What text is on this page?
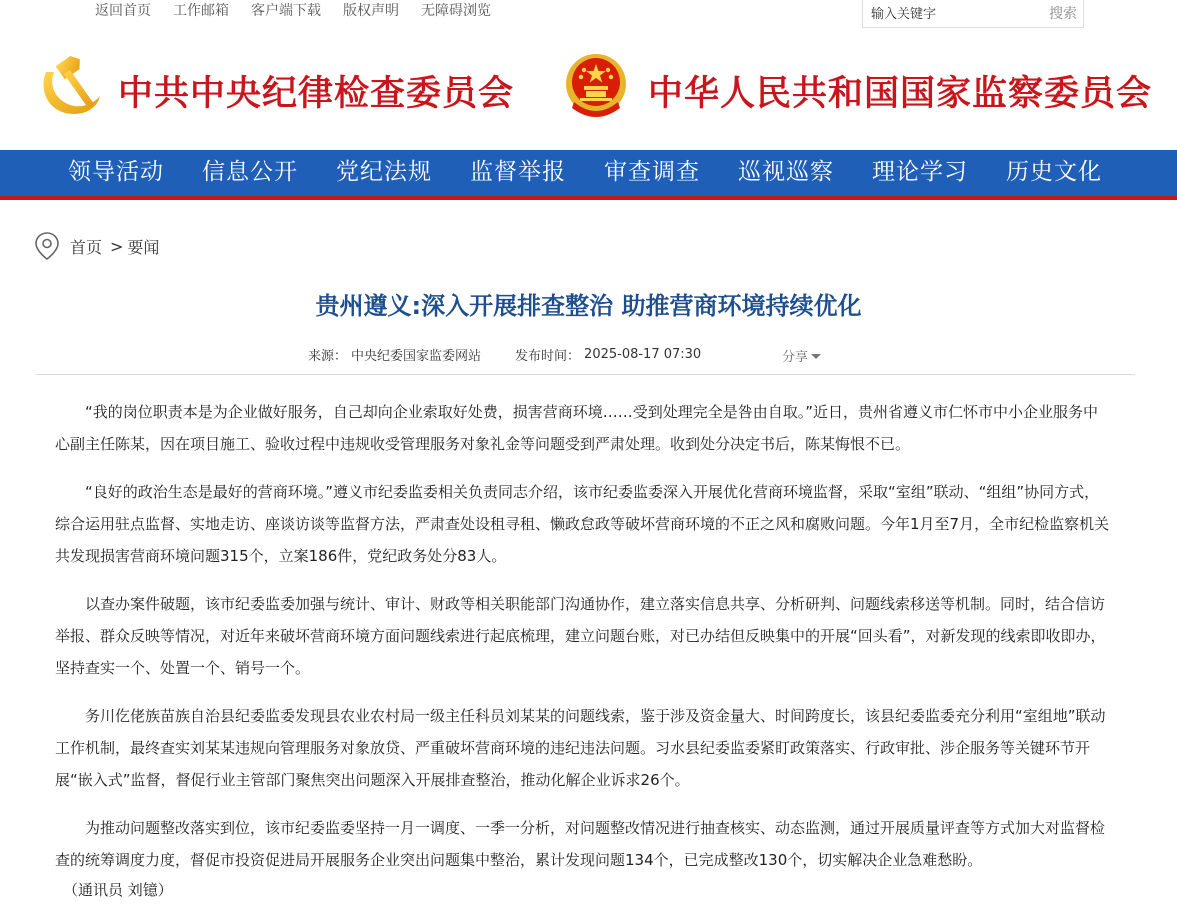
返回首页 工作邮箱 客户端下载 版权声明 无障碍浏览
输入关键字	搜索
中共中央纪律检查委员会	中华人民共和国国家监察委员会
领导活动 信息公开 党纪法规 监督举报 审查调查 巡视巡察 理论学习 历史文化
首页 > 要闻
贵州遵义:深入开展排查整治 助推营商环境持续优化
来源： 中央纪委国家监委网站	发布时间： 2025-08-17 07:30	分享

“我的岗位职责本是为企业做好服务，自己却向企业索取好处费，损害营商环境……受到处理完全是咎由自取。”近日，贵州省遵义市仁怀市中小企业服务中心副主任陈某，因在项目施工、验收过程中违规收受管理服务对象礼金等问题受到严肃处理。收到处分决定书后，陈某悔恨不已。

“良好的政治生态是最好的营商环境。”遵义市纪委监委相关负责同志介绍，该市纪委监委深入开展优化营商环境监督，采取“室组”联动、“组组”协同方式，综合运用驻点监督、实地走访、座谈访谈等监督方法，严肃查处设租寻租、懒政怠政等破坏营商环境的不正之风和腐败问题。今年1月至7月，全市纪检监察机关共发现损害营商环境问题315个，立案186件，党纪政务处分83人。

以查办案件破题，该市纪委监委加强与统计、审计、财政等相关职能部门沟通协作，建立落实信息共享、分析研判、问题线索移送等机制。同时，结合信访举报、群众反映等情况，对近年来破坏营商环境方面问题线索进行起底梳理，建立问题台账，对已办结但反映集中的开展“回头看”，对新发现的线索即收即办，坚持查实一个、处置一个、销号一个。

务川仡佬族苗族自治县纪委监委发现县农业农村局一级主任科员刘某某的问题线索，鉴于涉及资金量大、时间跨度长，该县纪委监委充分利用“室组地”联动工作机制，最终查实刘某某违规向管理服务对象放贷、严重破坏营商环境的违纪违法问题。习水县纪委监委紧盯政策落实、行政审批、涉企服务等关键环节开展“嵌入式”监督，督促行业主管部门聚焦突出问题深入开展排查整治，推动化解企业诉求26个。

为推动问题整改落实到位，该市纪委监委坚持一月一调度、一季一分析，对问题整改情况进行抽查核实、动态监测，通过开展质量评查等方式加大对监督检查的统筹调度力度，督促市投资促进局开展服务企业突出问题集中整治，累计发现问题134个，已完成整改130个，切实解决企业急难愁盼。

（通讯员 刘镱）
